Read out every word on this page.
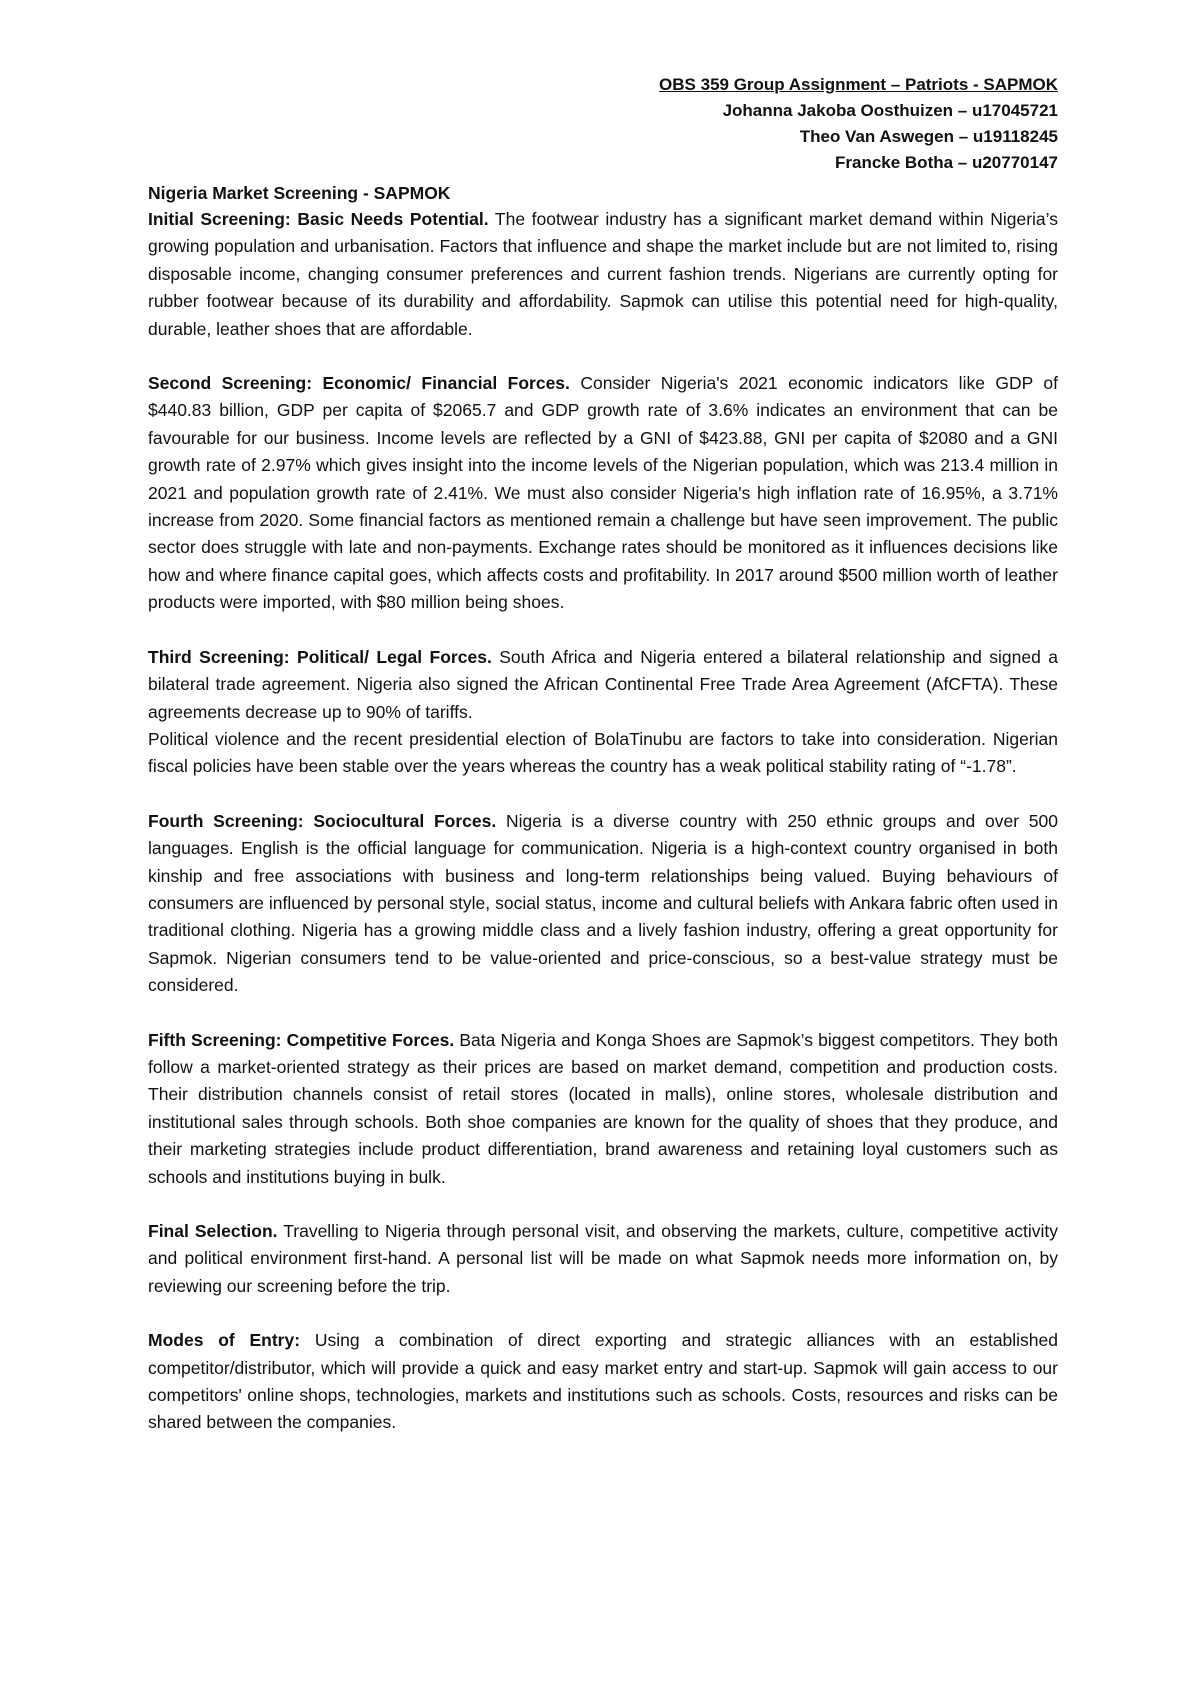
OBS 359 Group Assignment – Patriots - SAPMOK
Johanna Jakoba Oosthuizen – u17045721
Theo Van Aswegen – u19118245
Francke Botha – u20770147
Nigeria Market Screening - SAPMOK

Initial Screening: Basic Needs Potential. The footwear industry has a significant market demand within Nigeria’s growing population and urbanisation. Factors that influence and shape the market include but are not limited to, rising disposable income, changing consumer preferences and current fashion trends. Nigerians are currently opting for rubber footwear because of its durability and affordability. Sapmok can utilise this potential need for high-quality, durable, leather shoes that are affordable.

Second Screening: Economic/ Financial Forces. Consider Nigeria's 2021 economic indicators like GDP of $440.83 billion, GDP per capita of $2065.7 and GDP growth rate of 3.6% indicates an environment that can be favourable for our business. Income levels are reflected by a GNI of $423.88, GNI per capita of $2080 and a GNI growth rate of 2.97% which gives insight into the income levels of the Nigerian population, which was 213.4 million in 2021 and population growth rate of 2.41%. We must also consider Nigeria's high inflation rate of 16.95%, a 3.71% increase from 2020. Some financial factors as mentioned remain a challenge but have seen improvement. The public sector does struggle with late and non-payments. Exchange rates should be monitored as it influences decisions like how and where finance capital goes, which affects costs and profitability. In 2017 around $500 million worth of leather products were imported, with $80 million being shoes.

Third Screening: Political/ Legal Forces. South Africa and Nigeria entered a bilateral relationship and signed a bilateral trade agreement. Nigeria also signed the African Continental Free Trade Area Agreement (AfCFTA). These agreements decrease up to 90% of tariffs.

Political violence and the recent presidential election of BolaTinubu are factors to take into consideration. Nigerian fiscal policies have been stable over the years whereas the country has a weak political stability rating of “-1.78”.

Fourth Screening: Sociocultural Forces. Nigeria is a diverse country with 250 ethnic groups and over 500 languages. English is the official language for communication. Nigeria is a high-context country organised in both kinship and free associations with business and long-term relationships being valued. Buying behaviours of consumers are influenced by personal style, social status, income and cultural beliefs with Ankara fabric often used in traditional clothing. Nigeria has a growing middle class and a lively fashion industry, offering a great opportunity for Sapmok. Nigerian consumers tend to be value-oriented and price-conscious, so a best-value strategy must be considered.

Fifth Screening: Competitive Forces. Bata Nigeria and Konga Shoes are Sapmok’s biggest competitors. They both follow a market-oriented strategy as their prices are based on market demand, competition and production costs. Their distribution channels consist of retail stores (located in malls), online stores, wholesale distribution and institutional sales through schools. Both shoe companies are known for the quality of shoes that they produce, and their marketing strategies include product differentiation, brand awareness and retaining loyal customers such as schools and institutions buying in bulk.

Final Selection. Travelling to Nigeria through personal visit, and observing the markets, culture, competitive activity and political environment first-hand. A personal list will be made on what Sapmok needs more information on, by reviewing our screening before the trip.

Modes of Entry: Using a combination of direct exporting and strategic alliances with an established competitor/distributor, which will provide a quick and easy market entry and start-up. Sapmok will gain access to our competitors' online shops, technologies, markets and institutions such as schools. Costs, resources and risks can be shared between the companies.
